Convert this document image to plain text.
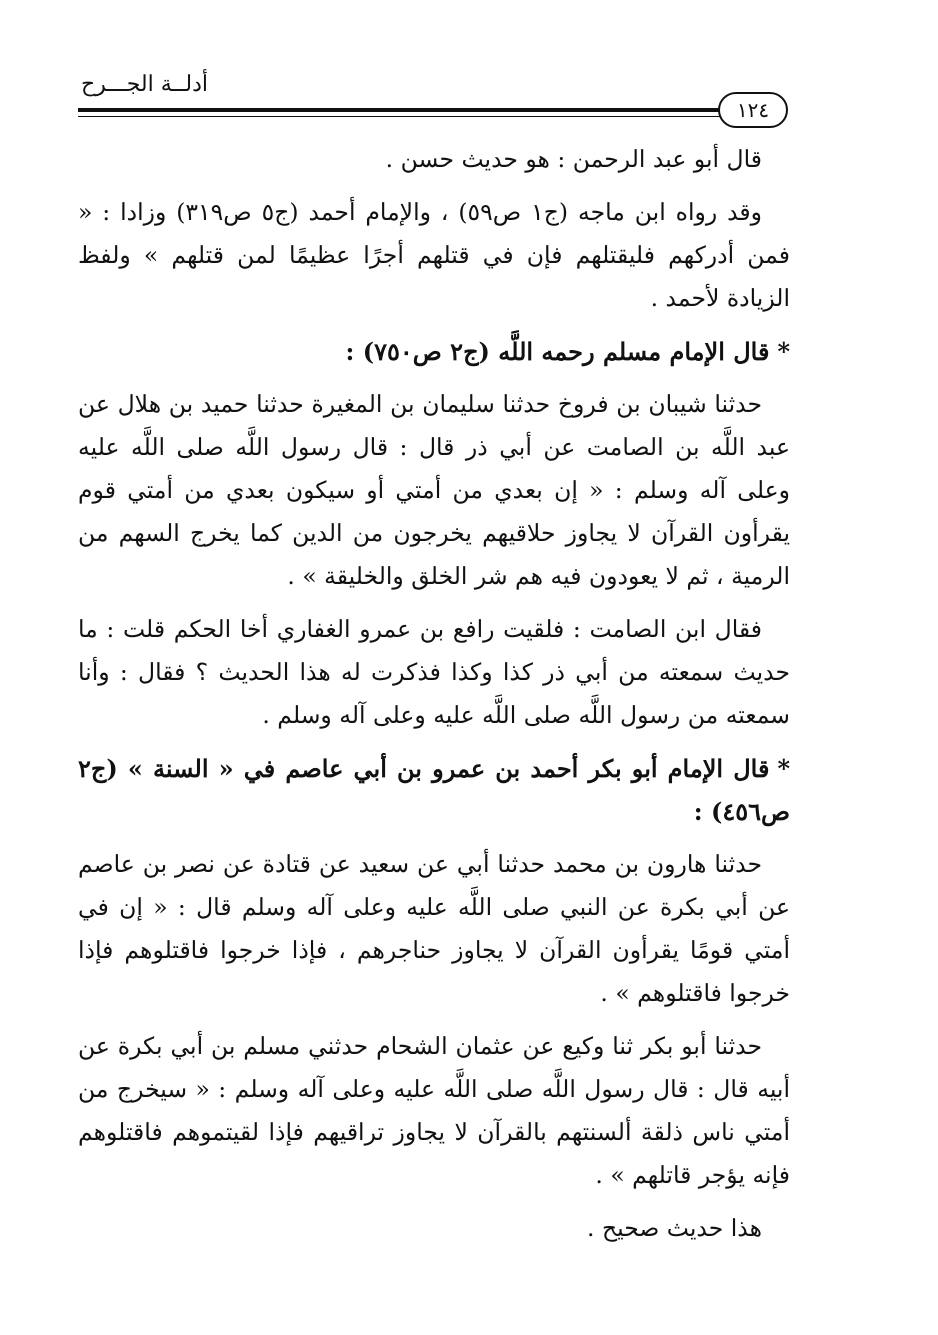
أدلــة الجـــرح
١٢٤

قال أبو عبد الرحمن : هو حديث حسن .

وقد رواه ابن ماجه (ج١ ص٥٩) ، والإمام أحمد (ج٥ ص٣١٩) وزادا : « فمن أدركهم فليقتلهم فإن في قتلهم أجرًا عظيمًا لمن قتلهم » ولفظ الزيادة لأحمد .

*قال الإمام مسلم رحمه اللَّه (ج٢ ص٧٥٠) :

حدثنا شيبان بن فروخ حدثنا سليمان بن المغيرة حدثنا حميد بن هلال عن عبد اللَّه بن الصامت عن أبي ذر قال : قال رسول اللَّه صلى اللَّه عليه وعلى آله وسلم : « إن بعدي من أمتي أو سيكون بعدي من أمتي قوم يقرأون القرآن لا يجاوز حلاقيهم يخرجون من الدين كما يخرج السهم من الرمية ، ثم لا يعودون فيه هم شر الخلق والخليقة » .

فقال ابن الصامت : فلقيت رافع بن عمرو الغفاري أخا الحكم قلت : ما حديث سمعته من أبي ذر كذا وكذا فذكرت له هذا الحديث ؟ فقال : وأنا سمعته من رسول اللَّه صلى اللَّه عليه وعلى آله وسلم .

*قال الإمام أبو بكر أحمد بن عمرو بن أبي عاصم في « السنة » (ج٢ ص٤٥٦) :

حدثنا هارون بن محمد حدثنا أبي عن سعيد عن قتادة عن نصر بن عاصم عن أبي بكرة عن النبي صلى اللَّه عليه وعلى آله وسلم قال : « إن في أمتي قومًا يقرأون القرآن لا يجاوز حناجرهم ، فإذا خرجوا فاقتلوهم فإذا خرجوا فاقتلوهم » .

حدثنا أبو بكر ثنا وكيع عن عثمان الشحام حدثني مسلم بن أبي بكرة عن أبيه قال : قال رسول اللَّه صلى اللَّه عليه وعلى آله وسلم : « سيخرج من أمتي ناس ذلقة ألسنتهم بالقرآن لا يجاوز تراقيهم فإذا لقيتموهم فاقتلوهم فإنه يؤجر قاتلهم » .

هذا حديث صحيح .
